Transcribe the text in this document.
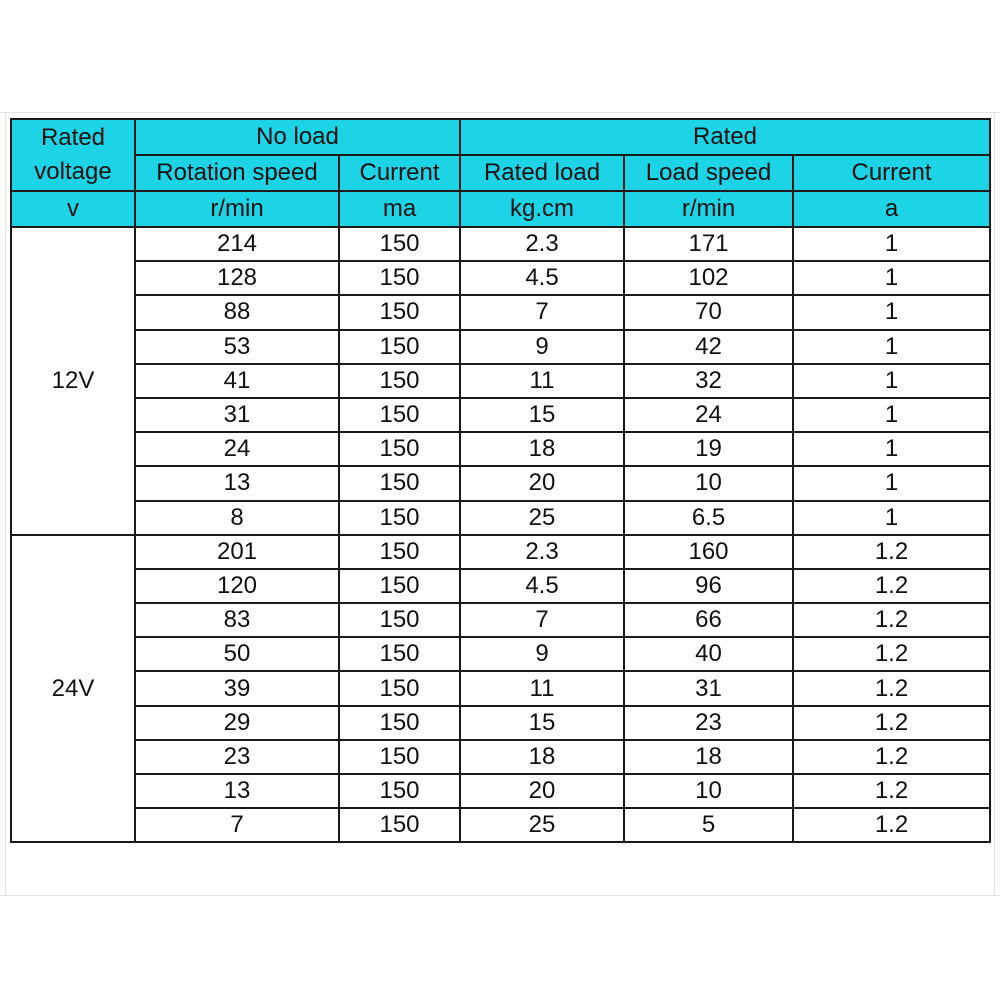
Rated
voltage	No load		Rated		
	Rotation speed	Current	Rated load	Load speed	Current
v	r/min	ma	kg.cm	r/min	a
12V	214	150	2.3	171	1
	128	150	4.5	102	1
	88	150	7	70	1
	53	150	9	42	1
	41	150	11	32	1
	31	150	15	24	1
	24	150	18	19	1
	13	150	20	10	1
	8	150	25	6.5	1
24V	201	150	2.3	160	1.2
	120	150	4.5	96	1.2
	83	150	7	66	1.2
	50	150	9	40	1.2
	39	150	11	31	1.2
	29	150	15	23	1.2
	23	150	18	18	1.2
	13	150	20	10	1.2
	7	150	25	5	1.2
